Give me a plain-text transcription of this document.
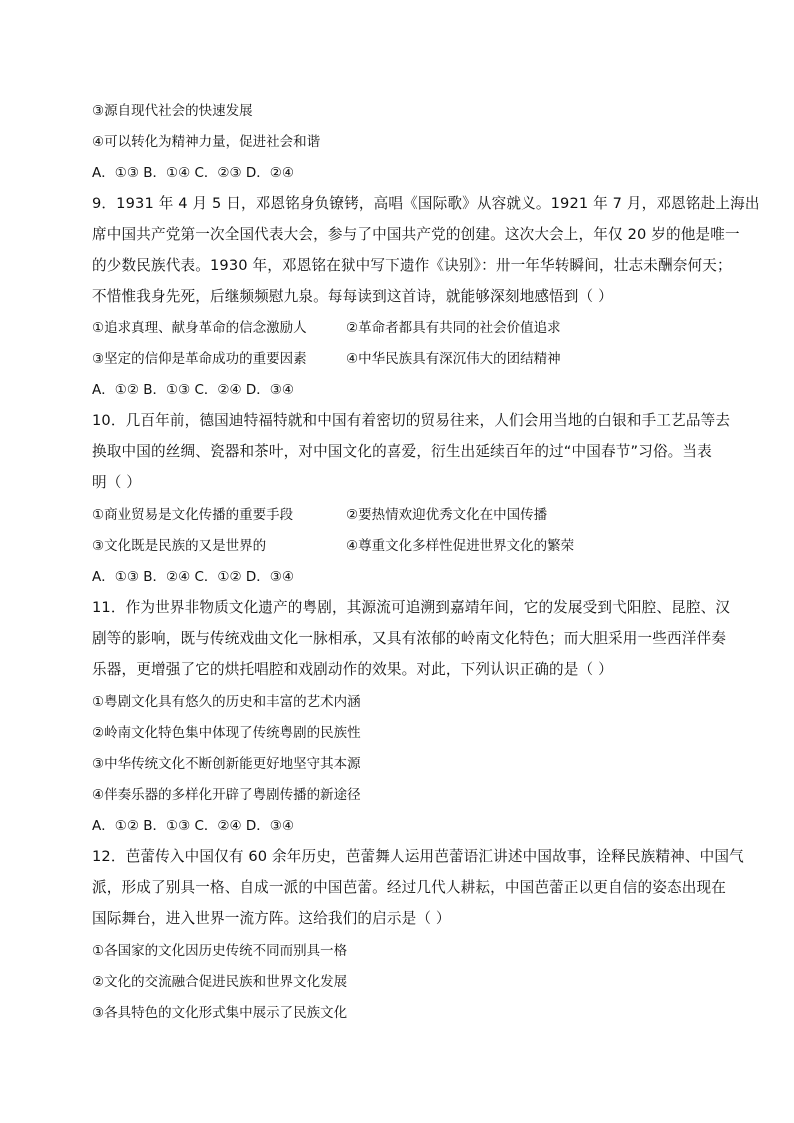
③源自现代社会的快速发展
④可以转化为精神力量，促进社会和谐
A．①③ B．①④ C．②③ D．②④
9．1931 年 4 月 5 日，邓恩铭身负镣铐，高唱《国际歌》从容就义。1921 年 7 月，邓恩铭赴上海出
席中国共产党第一次全国代表大会，参与了中国共产党的创建。这次大会上，年仅 20 岁的他是唯一
的少数民族代表。1930 年，邓恩铭在狱中写下遗作《诀别》：卅一年华转瞬间，壮志未酬奈何天；
不惜惟我身先死，后继频频慰九泉。每每读到这首诗，就能够深刻地感悟到（ ）
①追求真理、献身革命的信念激励人	②革命者都具有共同的社会价值追求
③坚定的信仰是革命成功的重要因素	④中华民族具有深沉伟大的团结精神
A．①② B．①③ C．②④ D．③④
10．几百年前，德国迪特福特就和中国有着密切的贸易往来，人们会用当地的白银和手工艺品等去
换取中国的丝绸、瓷器和茶叶，对中国文化的喜爱，衍生出延续百年的过“中国春节”习俗。当表
明（ ）
①商业贸易是文化传播的重要手段	②要热情欢迎优秀文化在中国传播
③文化既是民族的又是世界的	④尊重文化多样性促进世界文化的繁荣
A．①③ B．②④ C．①② D．③④
11．作为世界非物质文化遗产的粤剧，其源流可追溯到嘉靖年间，它的发展受到弋阳腔、昆腔、汉
剧等的影响，既与传统戏曲文化一脉相承，又具有浓郁的岭南文化特色；而大胆采用一些西洋伴奏
乐器，更增强了它的烘托唱腔和戏剧动作的效果。对此，下列认识正确的是（ ）
①粤剧文化具有悠久的历史和丰富的艺术内涵
②岭南文化特色集中体现了传统粤剧的民族性
③中华传统文化不断创新能更好地坚守其本源
④伴奏乐器的多样化开辟了粤剧传播的新途径
A．①② B．①③ C．②④ D．③④
12．芭蕾传入中国仅有 60 余年历史，芭蕾舞人运用芭蕾语汇讲述中国故事，诠释民族精神、中国气
派，形成了别具一格、自成一派的中国芭蕾。经过几代人耕耘，中国芭蕾正以更自信的姿态出现在
国际舞台，进入世界一流方阵。这给我们的启示是（ ）
①各国家的文化因历史传统不同而别具一格
②文化的交流融合促进民族和世界文化发展
③各具特色的文化形式集中展示了民族文化
